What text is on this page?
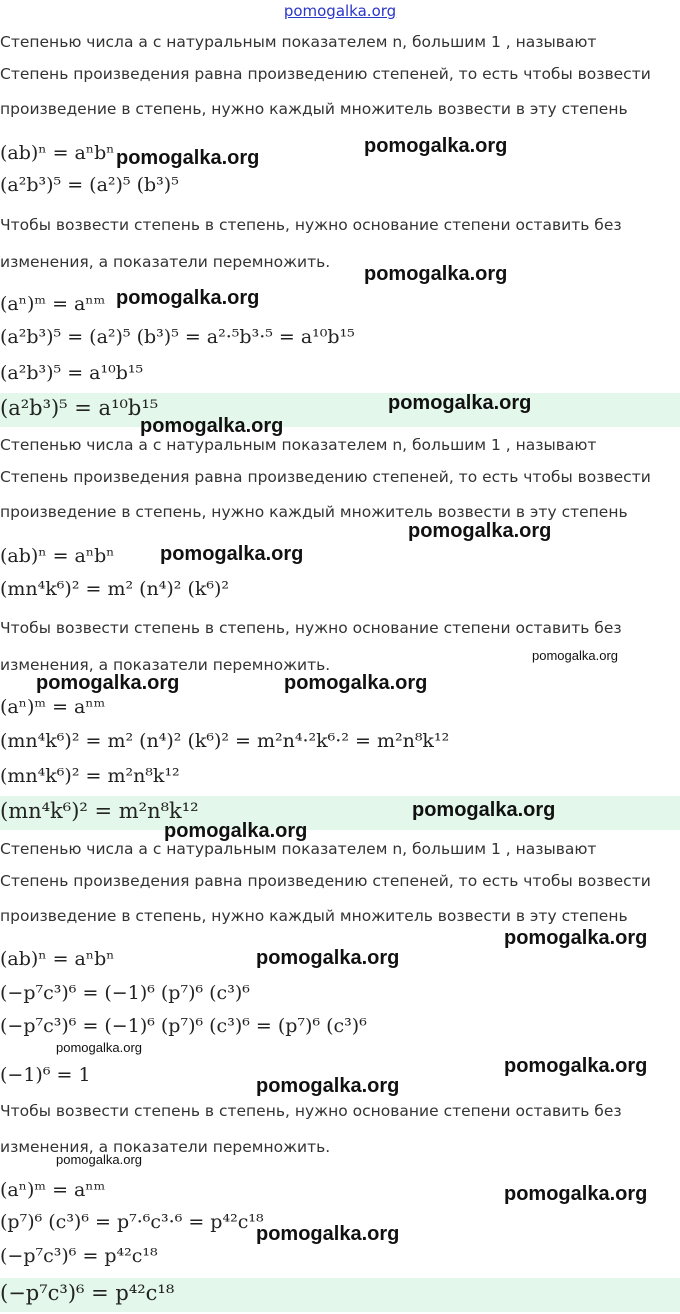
pomogalka.org
Степенью числа a с натуральным показателем n, большим 1 , называют
Степень произведения равна произведению степеней, то есть чтобы возвести
произведение в степень, нужно каждый множитель возвести в эту степень
(ab)ⁿ = aⁿbⁿ
(a²b³)⁵ = (a²)⁵ (b³)⁵
Чтобы возвести степень в степень, нужно основание степени оставить без
изменения, а показатели перемножить.
(aⁿ)ᵐ = aⁿᵐ
(a²b³)⁵ = (a²)⁵ (b³)⁵ = a²·⁵b³·⁵ = a¹⁰b¹⁵
(a²b³)⁵ = a¹⁰b¹⁵
(a²b³)⁵ = a¹⁰b¹⁵
Степенью числа a с натуральным показателем n, большим 1 , называют
Степень произведения равна произведению степеней, то есть чтобы возвести
произведение в степень, нужно каждый множитель возвести в эту степень
(ab)ⁿ = aⁿbⁿ
(mn⁴k⁶)² = m² (n⁴)² (k⁶)²
Чтобы возвести степень в степень, нужно основание степени оставить без
изменения, а показатели перемножить.
(aⁿ)ᵐ = aⁿᵐ
(mn⁴k⁶)² = m² (n⁴)² (k⁶)² = m²n⁴·²k⁶·² = m²n⁸k¹²
(mn⁴k⁶)² = m²n⁸k¹²
(mn⁴k⁶)² = m²n⁸k¹²
Степенью числа a с натуральным показателем n, большим 1 , называют
Степень произведения равна произведению степеней, то есть чтобы возвести
произведение в степень, нужно каждый множитель возвести в эту степень
(ab)ⁿ = aⁿbⁿ
(−p⁷c³)⁶ = (−1)⁶ (p⁷)⁶ (c³)⁶
(−p⁷c³)⁶ = (−1)⁶ (p⁷)⁶ (c³)⁶ = (p⁷)⁶ (c³)⁶
(−1)⁶ = 1
Чтобы возвести степень в степень, нужно основание степени оставить без
изменения, а показатели перемножить.
(aⁿ)ᵐ = aⁿᵐ
(p⁷)⁶ (c³)⁶ = p⁷·⁶c³·⁶ = p⁴²c¹⁸
(−p⁷c³)⁶ = p⁴²c¹⁸
(−p⁷c³)⁶ = p⁴²c¹⁸
pomogalka.org
pomogalka.org
pomogalka.org
pomogalka.org
pomogalka.org
pomogalka.org
pomogalka.org
pomogalka.org
pomogalka.org
pomogalka.org	pomogalka.org
pomogalka.org
pomogalka.org
pomogalka.org
pomogalka.org
pomogalka.org
pomogalka.org
pomogalka.org
pomogalka.org
pomogalka.org
pomogalka.org
